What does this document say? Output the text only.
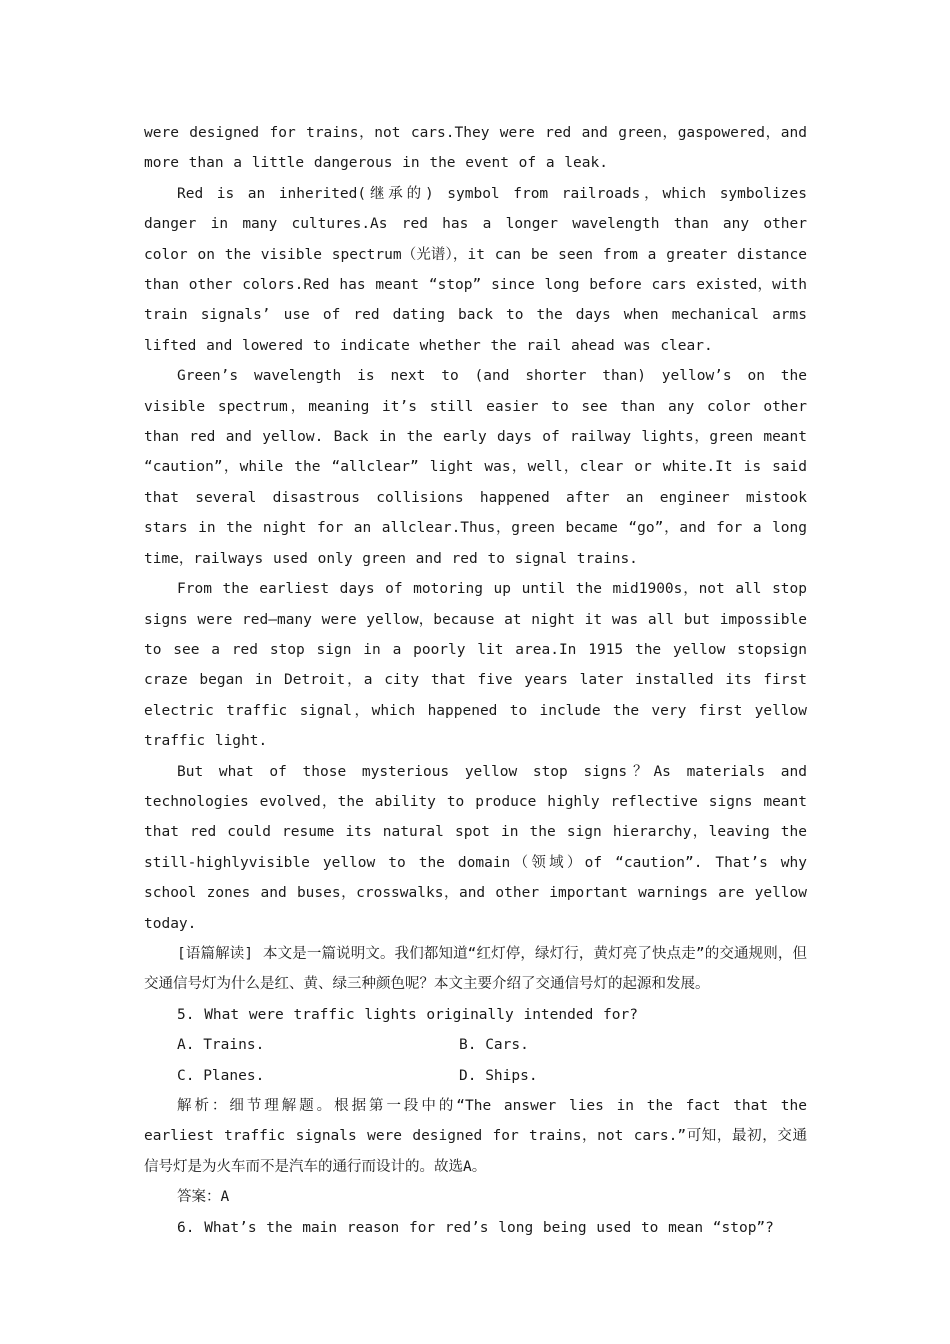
were designed for trains，not cars.They were red and green，gaspowered，and more than a little dangerous in the event of a leak.

Red is an inherited(继承的) symbol from railroads，which symbolizes danger in many cultures.As red has a longer wavelength than any other color on the visible spectrum（光谱），it can be seen from a greater distance than other colors.Red has meant “stop” since long before cars existed，with train signals’ use of red dating back to the days when mechanical arms lifted and lowered to indicate whether the rail ahead was clear.

Green’s wavelength is next to (and shorter than) yellow’s on the visible spectrum，meaning it’s still easier to see than any color other than red and yellow. Back in the early days of railway lights，green meant “caution”，while the “allclear” light was，well，clear or white.It is said that several disastrous collisions happened after an engineer mistook stars in the night for an allclear.Thus，green became “go”，and for a long time，railways used only green and red to signal trains.

From the earliest days of motoring up until the mid1900s，not all stop signs were red—many were yellow，because at night it was all but impossible to see a red stop sign in a poorly lit area.In 1915 the yellow stopsign craze began in Detroit，a city that five years later installed its first electric traffic signal，which happened to include the very first yellow traffic light.

But what of those mysterious yellow stop signs？As materials and technologies evolved，the ability to produce highly reflective signs meant that red could resume its natural spot in the sign hierarchy，leaving the still-highlyvisible yellow to the domain（领域）of “caution”. That’s why school zones and buses，crosswalks，and other important warnings are yellow today.

[语篇解读] 本文是一篇说明文。我们都知道“红灯停，绿灯行，黄灯亮了快点走”的交通规则，但交通信号灯为什么是红、黄、绿三种颜色呢？本文主要介绍了交通信号灯的起源和发展。

5. What were traffic lights originally intended for?

A. Trains.	B. Cars.
C. Planes.	D. Ships.

解析：细节理解题。根据第一段中的“The answer lies in the fact that the earliest traffic signals were designed for trains，not cars.”可知，最初，交通信号灯是为火车而不是汽车的通行而设计的。故选A。

答案：A

6. What’s the main reason for red’s long being used to mean “stop”?
